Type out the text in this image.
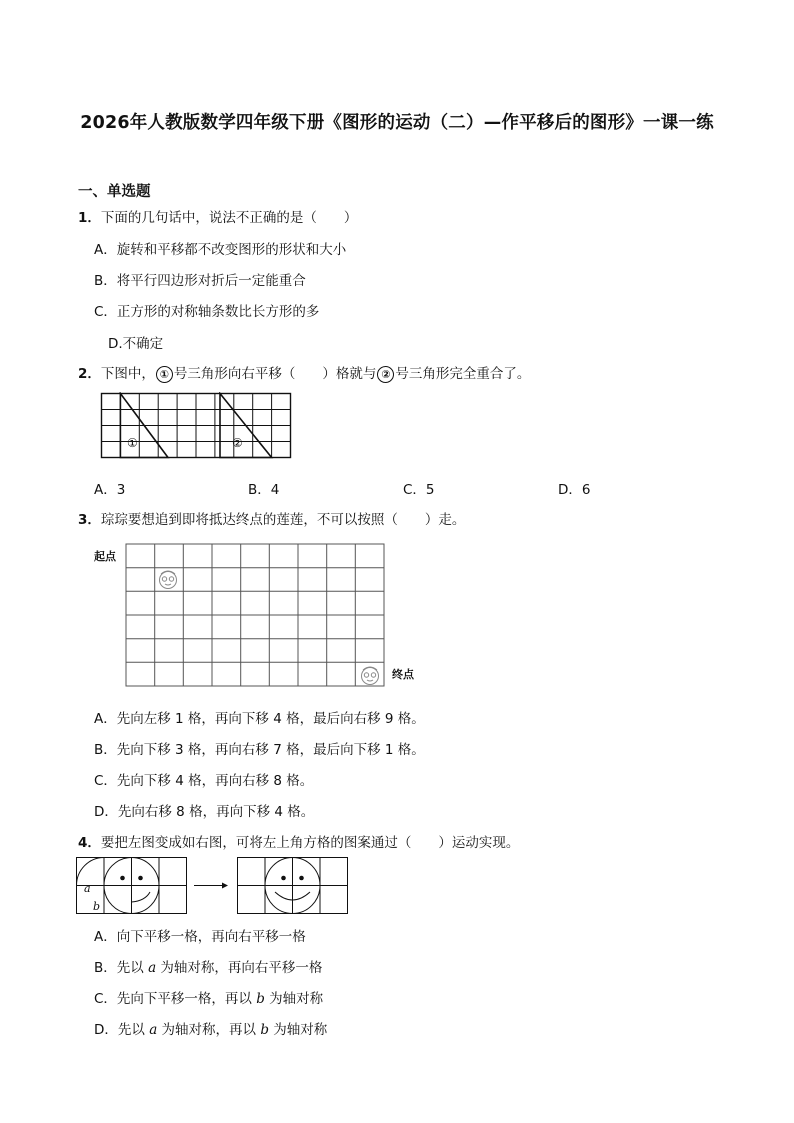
2026年人教版数学四年级下册《图形的运动（二）—作平移后的图形》一课一练
一、单选题
1．下面的几句话中，说法不正确的是（　　）
A．旋转和平移都不改变图形的形状和大小
B．将平行四边形对折后一定能重合
C．正方形的对称轴条数比长方形的多
D.不确定
2．下图中， ① 号三角形向右平移（　　）格就与 ② 号三角形完全重合了。
①	②
A．3	B．4	C．5	D．6
3．琮琮要想追到即将抵达终点的莲莲，不可以按照（　　）走。
起点
终点
A．先向左移 1 格，再向下移 4 格，最后向右移 9 格。
B．先向下移 3 格，再向右移 7 格，最后向下移 1 格。
C．先向下移 4 格，再向右移 8 格。
D．先向右移 8 格，再向下移 4 格。
4．要把左图变成如右图，可将左上角方格的图案通过（　　）运动实现。
a
b
A．向下平移一格，再向右平移一格
B．先以 a 为轴对称，再向右平移一格
C．先向下平移一格，再以 b 为轴对称
D．先以 a 为轴对称，再以 b 为轴对称
